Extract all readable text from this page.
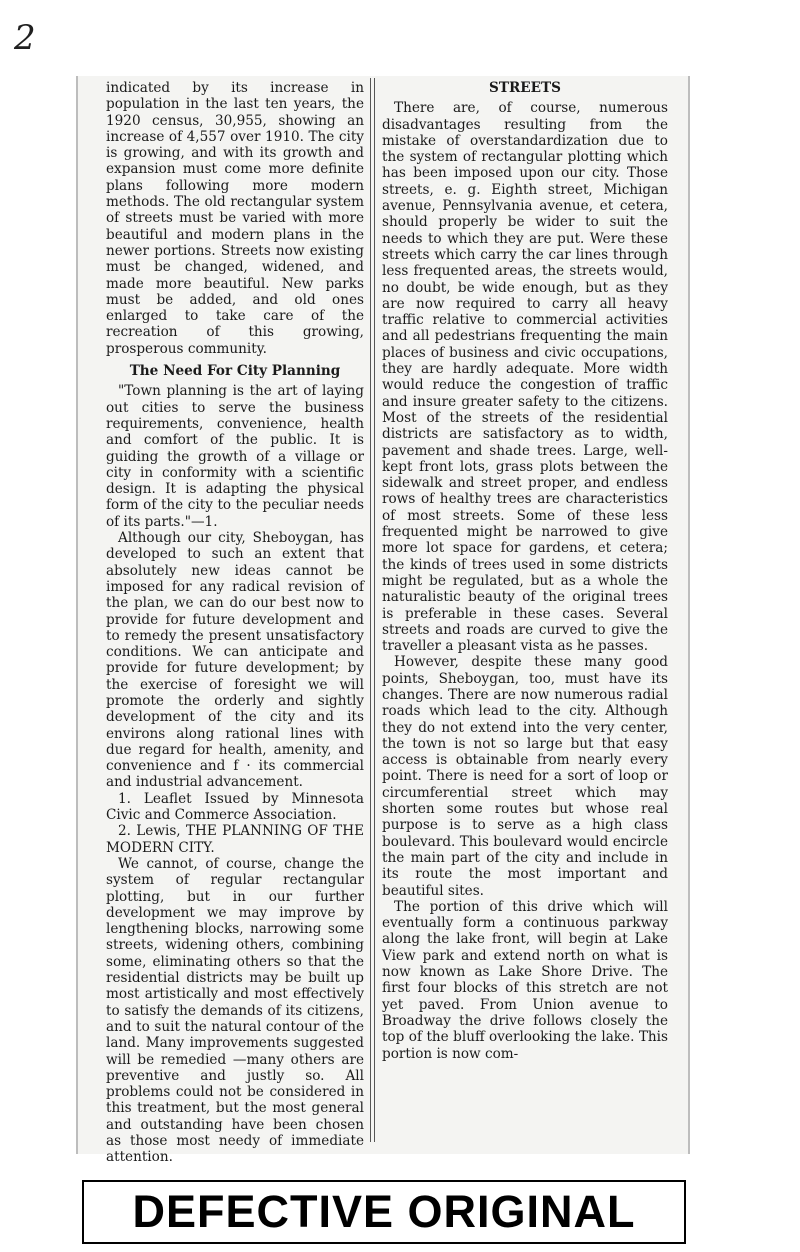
2

indicated by its increase in population in the last ten years, the 1920 census, 30,955, showing an increase of 4,557 over 1910. The city is growing, and with its growth and expansion must come more definite plans following more modern methods. The old rectangular system of streets must be varied with more beautiful and modern plans in the newer portions. Streets now existing must be changed, widened, and made more beautiful. New parks must be added, and old ones enlarged to take care of the recreation of this growing, prosperous community.

The Need For City Planning

"Town planning is the art of laying out cities to serve the business requirements, convenience, health and comfort of the public. It is guiding the growth of a village or city in conformity with a scientific design. It is adapting the physical form of the city to the peculiar needs of its parts."—1.

Although our city, Sheboygan, has developed to such an extent that absolutely new ideas cannot be imposed for any radical revision of the plan, we can do our best now to provide for future development and to remedy the present unsatisfactory conditions. We can anticipate and provide for future development; by the exercise of foresight we will promote the orderly and sightly development of the city and its environs along rational lines with due regard for health, amenity, and convenience and f · its commercial and industrial advancement.

1. Leaflet Issued by Minnesota Civic and Commerce Association.

2. Lewis, THE PLANNING OF THE MODERN CITY.

We cannot, of course, change the system of regular rectangular plotting, but in our further development we may improve by lengthening blocks, narrowing some streets, widening others, combining some, eliminating others so that the residential districts may be built up most artistically and most effectively to satisfy the demands of its citizens, and to suit the natural contour of the land. Many improvements suggested will be remedied —many others are preventive and justly so. All problems could not be considered in this treatment, but the most general and outstanding have been chosen as those most needy of immediate attention.

STREETS

There are, of course, numerous disadvantages resulting from the mistake of overstandardization due to the system of rectangular plotting which has been imposed upon our city. Those streets, e. g. Eighth street, Michigan avenue, Pennsylvania avenue, et cetera, should properly be wider to suit the needs to which they are put. Were these streets which carry the car lines through less frequented areas, the streets would, no doubt, be wide enough, but as they are now required to carry all heavy traffic relative to commercial activities and all pedestrians frequenting the main places of business and civic occupations, they are hardly adequate. More width would reduce the congestion of traffic and insure greater safety to the citizens. Most of the streets of the residential districts are satisfactory as to width, pavement and shade trees. Large, well-kept front lots, grass plots between the sidewalk and street proper, and endless rows of healthy trees are characteristics of most streets. Some of these less frequented might be narrowed to give more lot space for gardens, et cetera; the kinds of trees used in some districts might be regulated, but as a whole the naturalistic beauty of the original trees is preferable in these cases. Several streets and roads are curved to give the traveller a pleasant vista as he passes.

However, despite these many good points, Sheboygan, too, must have its changes. There are now numerous radial roads which lead to the city. Although they do not extend into the very center, the town is not so large but that easy access is obtainable from nearly every point. There is need for a sort of loop or circumferential street which may shorten some routes but whose real purpose is to serve as a high class boulevard. This boulevard would encircle the main part of the city and include in its route the most important and beautiful sites.

The portion of this drive which will eventually form a continuous parkway along the lake front, will begin at Lake View park and extend north on what is now known as Lake Shore Drive. The first four blocks of this stretch are not yet paved. From Union avenue to Broadway the drive follows closely the top of the bluff overlooking the lake. This portion is now com-

DEFECTIVE ORIGINAL
